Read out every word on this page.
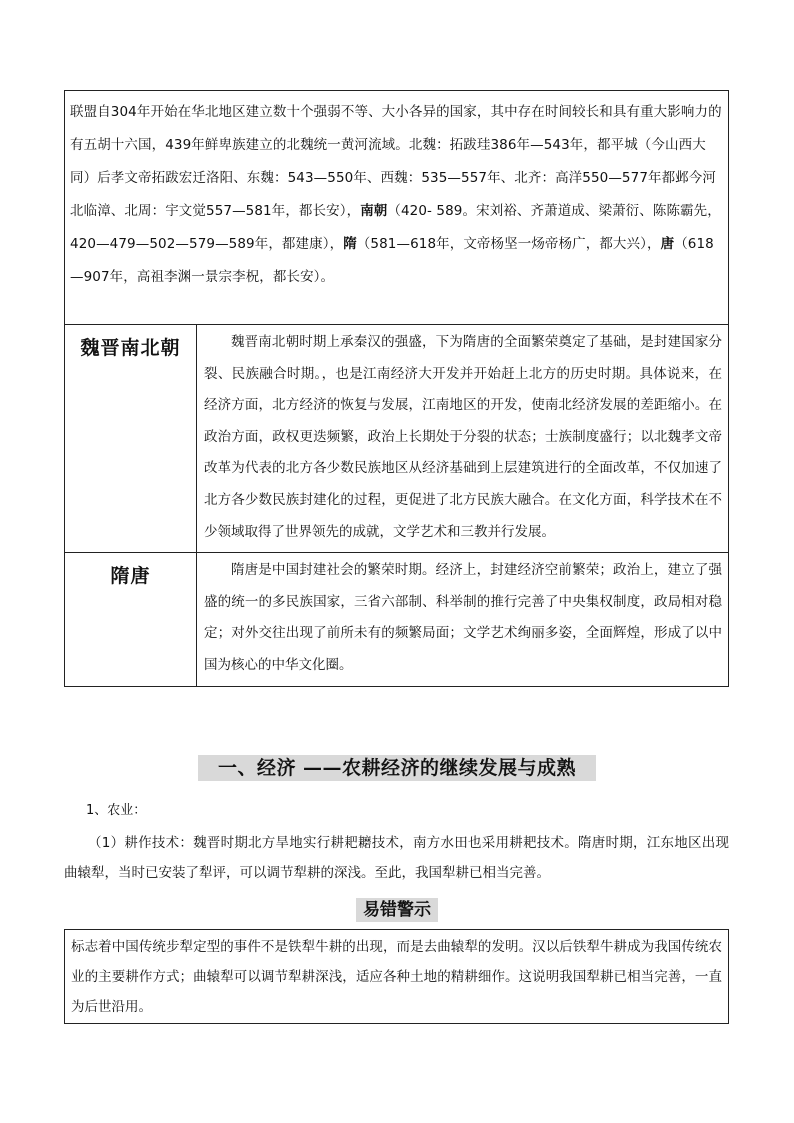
联盟自304年开始在华北地区建立数十个强弱不等、大小各异的国家，其中存在时间较长和具有重大影响力的有五胡十六国，439年鲜卑族建立的北魏统一黄河流域。北魏：拓跋珪386年—543年，都平城（今山西大同）后孝文帝拓跋宏迁洛阳、东魏：543—550年、西魏：535—557年、北齐：高洋550—577年都邺今河北临漳、北周：宇文觉557—581年，都长安），南朝（420- 589。宋刘裕、齐萧道成、梁萧衍、陈陈霸先，420—479—502—579—589年，都建康），隋（581—618年，文帝杨坚一炀帝杨广，都大兴），唐（618—907年，高祖李渊一景宗李柷，都长安）。
魏晋南北朝	魏晋南北朝时期上承秦汉的强盛，下为隋唐的全面繁荣奠定了基础，是封建国家分裂、民族融合时期。，也是江南经济大开发并开始赶上北方的历史时期。具体说来，在经济方面，北方经济的恢复与发展，江南地区的开发，使南北经济发展的差距缩小。在政治方面，政权更迭频繁，政治上长期处于分裂的状态；士族制度盛行；以北魏孝文帝改革为代表的北方各少数民族地区从经济基础到上层建筑进行的全面改革，不仅加速了北方各少数民族封建化的过程，更促进了北方民族大融合。在文化方面，科学技术在不少领域取得了世界领先的成就，文学艺术和三教并行发展。
隋唐	隋唐是中国封建社会的繁荣时期。经济上，封建经济空前繁荣；政治上，建立了强盛的统一的多民族国家，三省六部制、科举制的推行完善了中央集权制度，政局相对稳定；对外交往出现了前所未有的频繁局面；文学艺术绚丽多姿，全面辉煌，形成了以中国为核心的中华文化圈。
一、经济 ——农耕经济的继续发展与成熟
1、农业：
（1）耕作技术：魏晋时期北方旱地实行耕耙耱技术，南方水田也采用耕耙技术。隋唐时期，江东地区出现曲辕犁，当时已安装了犁评，可以调节犁耕的深浅。至此，我国犁耕已相当完善。
易错警示
标志着中国传统步犁定型的事件不是铁犁牛耕的出现，而是去曲辕犁的发明。汉以后铁犁牛耕成为我国传统农业的主要耕作方式；曲辕犁可以调节犁耕深浅，适应各种土地的精耕细作。这说明我国犁耕已相当完善，一直为后世沿用。
